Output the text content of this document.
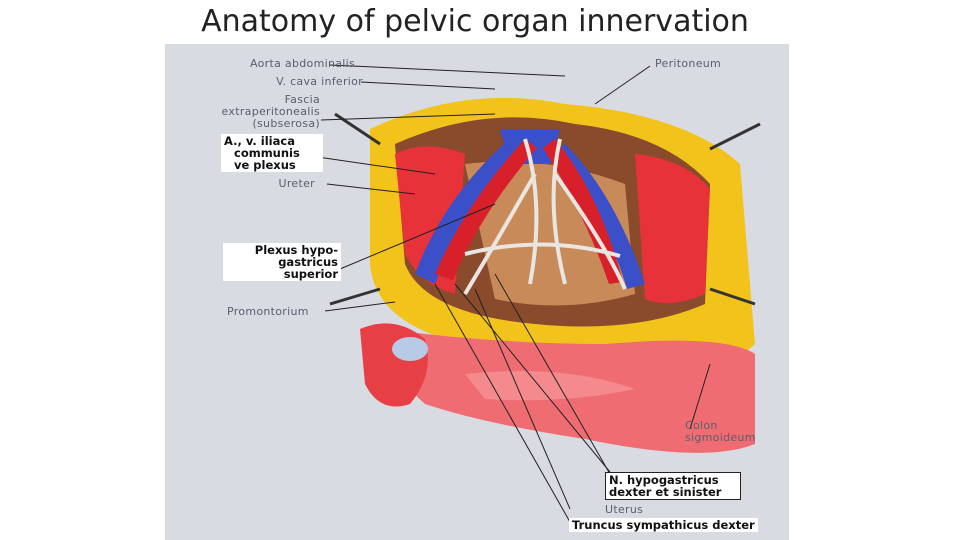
Anatomy of pelvic organ innervation
Aorta abdominalis
V. cava inferior
Fascia
extraperitonealis
(subserosa)
A., v. iliaca
communis
ve plexus
Ureter
Plexus hypo-
gastricus
superior
Promontorium
Peritoneum
Colon
sigmoideum
N. hypogastricus
dexter et sinister
Uterus
Truncus sympathicus dexter
